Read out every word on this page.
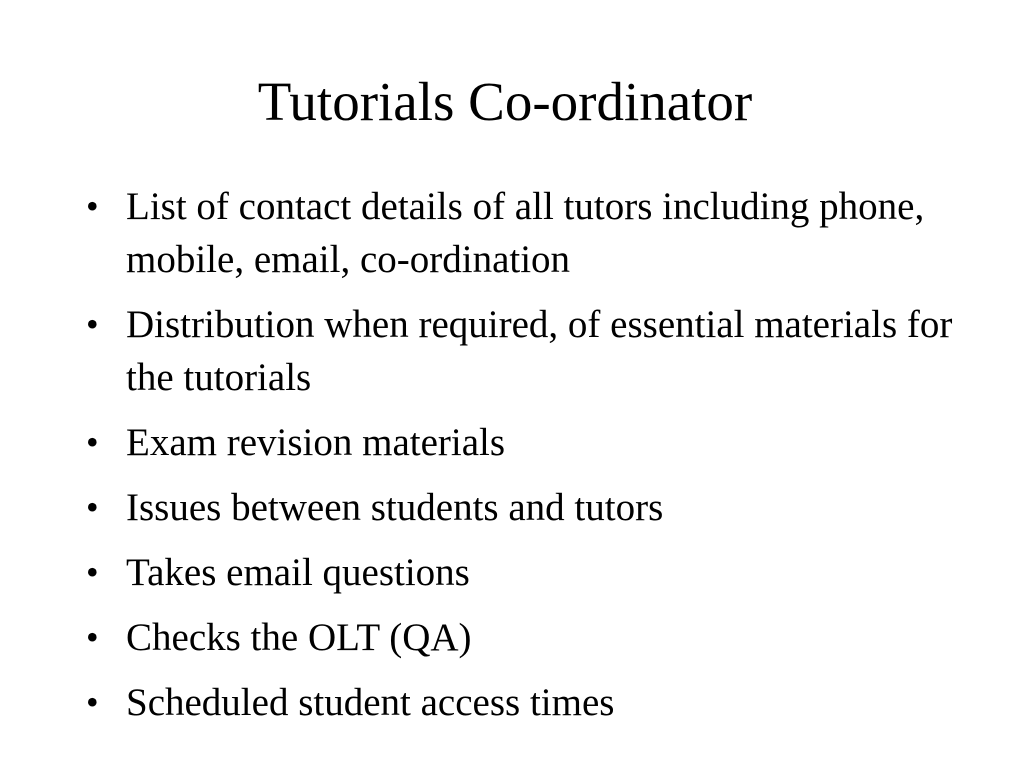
Tutorials Co-ordinator
• List of contact details of all tutors including phone, mobile, email, co-ordination
• Distribution when required, of essential materials for the tutorials
• Exam revision materials
• Issues between students and tutors
• Takes email questions
• Checks the OLT (QA)
• Scheduled student access times
